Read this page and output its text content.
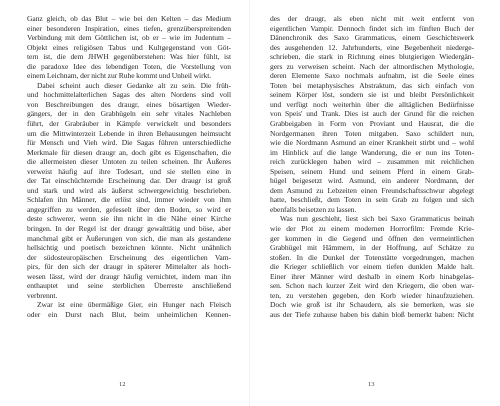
Ganz gleich, ob das Blut – wie bei den Kelten – das Medium
einer besonderen Inspiration, eines tiefen, grenzüberspreitenden
Verbindung mit dem Göttlichen ist, ob er – wie im Judentum –
Objekt eines religiösen Tabus und Kultgegenstand von Göt-
tern ist, die dem JHWH gegenüberstehen: Was hier fühlt, ist
die paradoxe Idee des lebendigen Toten, die Vorstellung von
einem Leichnam, der nicht zur Ruhe kommt und Unheil wirkt.
Dabei scheint auch dieser Gedanke alt zu sein. Die früh-
und hochmittelalterlichen Sagas des alten Nordens sind voll
von Beschreibungen des draugr, eines bösartigen Wieder-
gängers, der in den Grabhügeln ein sehr vitales Nachleben
führt, der Grabräuber in Kämpfe verwickelt und besonders
um die Mittwinterzeit Lebende in ihren Behausungen heimsucht
für Mensch und Vieh wird. Die Sagas führen unterschiedliche
Merkmale für diesen draugr an, doch gibt es Eigenschaften, die
die allermeisten dieser Untoten zu teilen scheinen. Ihr Äußeres
verweist häufig auf ihre Todesart, und sie stellen eine in
der Tat einschüchternde Erscheinung dar. Der draugr ist groß
und stark und wird als äußerst schwergewichtig beschrieben.
Schlafen ihn Männer, die erlöst sind, immer wieder von ihm
angegriffen zu werden, gefesselt über den Boden, so wird er
deste schwerer, wenn sie ihn nicht in die Nähe einer Kirche
bringen. In der Regel ist der draugr gewalttätig und böse, aber
manchmal gibt er Äußerungen von sich, die man als gestandene
hellsichtig und poetisch bezeichnen könnte. Nicht unähnlich
der südosteuropäischen Erscheinung des eigentlichen Vam-
pirs, für den sich der draugr in späterer Mittelalter als hoch-
wesen lässt, wird der draugr häufig vernichtet, indem man ihn
enthauptet und seine sterblichen Überreste anschließend
verbrennt.
Zwar ist eine übermäßige Gier, ein Hunger nach Fleisch
oder ein Durst nach Blut, beim unheimlichen Kennen-
12
des der draugr, als eben nicht mit weit entfernt von
eigentlichen Vampir. Dennoch findet sich im fünften Buch der
Dänenchronik des Saxo Grammaticus, einem Geschichtswerk
des ausgehenden 12. Jahrhunderts, eine Begebenheit niederge-
schrieben, die stark in Richtung eines blutgierigen Wiedergän-
gers zu verweisen scheint. Nach der altnordischen Mythologie,
deren Elemente Saxo nochmals aufnahm, ist die Seele eines
Toten bei metaphysisches Abstraktum, das sich einfach von
seinem Körper löst, sondern sie ist und bleibt Persönlichkeit
und verfügt noch weiterhin über die alltäglichen Bedürfnisse
von Speis' und Trank. Dies ist auch der Grund für die reichen
Grabbeigaben in Form von Proviant und Hausrat, die die
Nordgermanen ihren Toten mitgaben. Saxo schildert nun,
wie die Nordmann Asmund an einer Krankheit stirbt und – wohl
im Hinblick auf die lange Wanderung, die er nun ins Toten-
reich zurücklegen haben wird – zusammen mit reichlichen
Speisen, seinem Hund und seinem Pferd in einem Grab-
hügel beigesetzt wird. Asmund, ein anderer Nordmann, der
dem Asmund zu Lebzeiten einen Freundschaftsschwur abgelegt
hatte, beschließt, dem Toten in sein Grab zu folgen und sich
ebenfalls beisetzen zu lassen.
Was nun geschieht, liest sich bei Saxo Grammaticus beinah
wie der Plot zu einem modernen Horrorfilm: Fremde Krie-
ger kommen in die Gegend und öffnen den vermeintlichen
Grabhügel mit Hämmern, in der Hoffnung, auf Schätze zu
stoßen. In die Dunkel der Totenstätte vorgedrungen, machen
die Krieger schließlich vor einem tiefen dunklen Malde halt.
Einer ihrer Männer wird deshalb in einem Korb hinabgelas-
sen. Schon nach kurzer Zeit wird den Kriegern, die oben war-
ten, zu verstehen gegeben, den Korb wieder hinaufzuziehen.
Doch wie groß ist ihr Schaudern, als sie bemerken, was sie
aus der Tiefe zuhause haben bis dahin bloß bemerkt haben: Nicht
13
